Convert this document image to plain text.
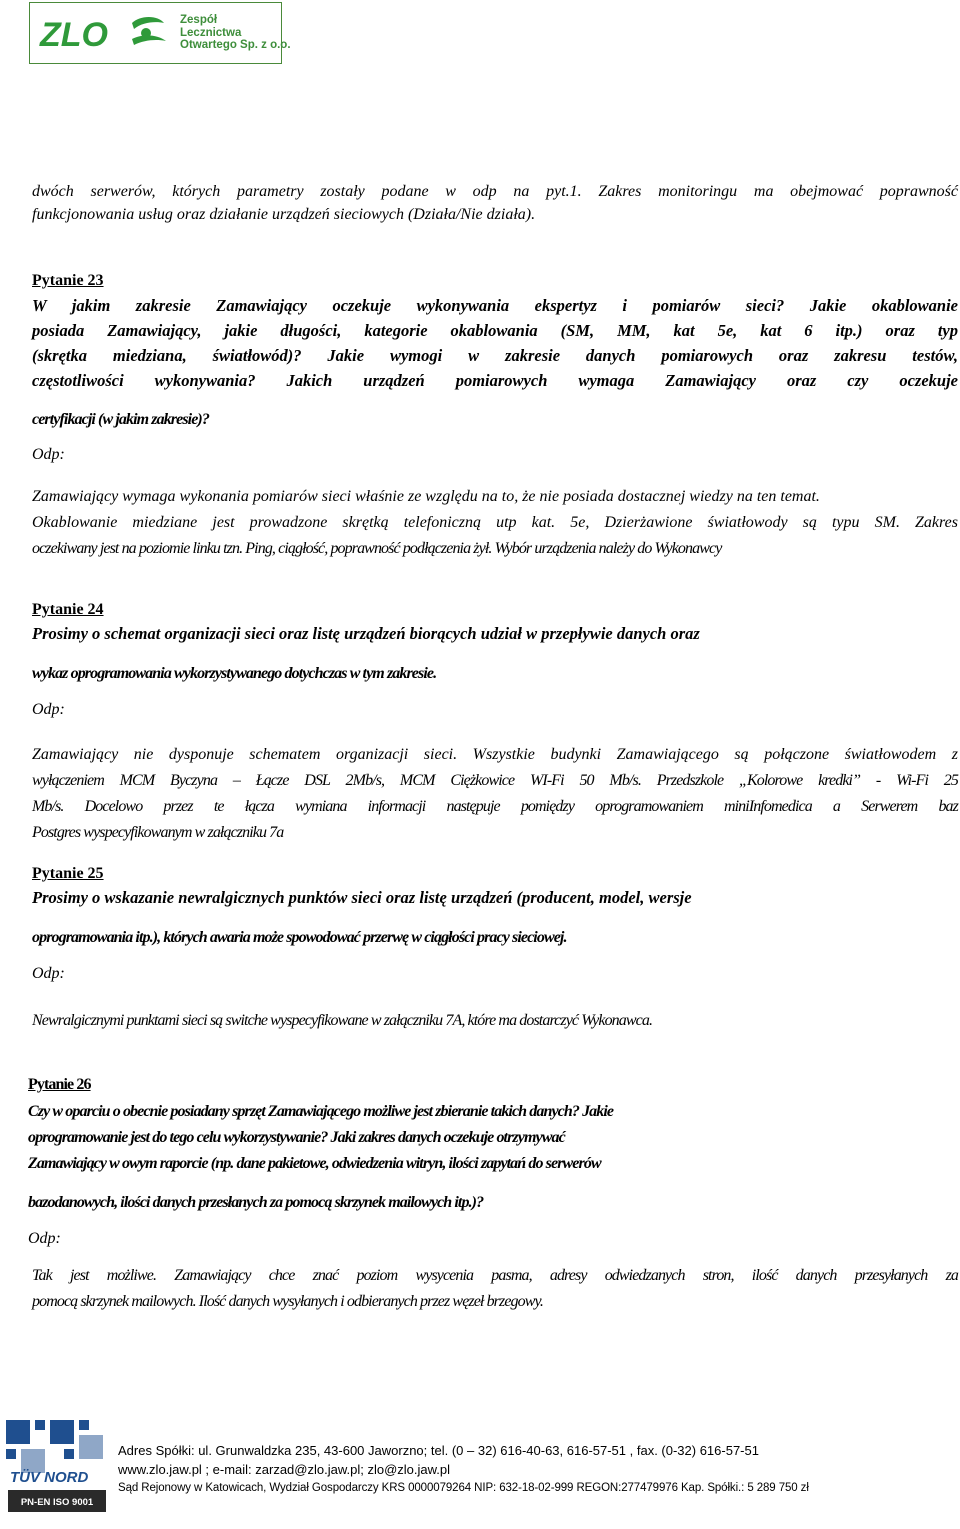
ZLO	Zespół
Lecznictwa
Otwartego Sp. z o.o.
dwóch serwerów, których parametry zostały podane w odp na pyt.1. Zakres monitoringu ma obejmować poprawność
funkcjonowania usług oraz działanie urządzeń sieciowych (Działa/Nie działa).
Pytanie 23
W jakim zakresie Zamawiający oczekuje wykonywania ekspertyz i pomiarów sieci? Jakie okablowanie
posiada Zamawiający, jakie długości, kategorie okablowania (SM, MM, kat 5e, kat 6 itp.) oraz typ
(skrętka miedziana, światłowód)? Jakie wymogi w zakresie danych pomiarowych oraz zakresu testów,
częstotliwości wykonywania? Jakich urządzeń pomiarowych wymaga Zamawiający oraz czy oczekuje
certyfikacji (w jakim zakresie)?
Odp:
Zamawiający wymaga wykonania pomiarów sieci właśnie ze względu na to, że nie posiada dostacznej wiedzy na ten temat.
Okablowanie miedziane jest prowadzone skrętką telefoniczną utp kat. 5e, Dzierżawione światłowody są typu SM. Zakres
oczekiwany jest na poziomie linku tzn. Ping, ciągłość, poprawność podłączenia żył. Wybór urządzenia należy do Wykonawcy
Pytanie 24
Prosimy o schemat organizacji sieci oraz listę urządzeń biorących udział w przepływie danych oraz
wykaz oprogramowania wykorzystywanego dotychczas w tym zakresie.
Odp:
Zamawiający nie dysponuje schematem organizacji sieci. Wszystkie budynki Zamawiającego są połączone światłowodem z
wyłączeniem MCM Byczyna – Łącze DSL 2Mb/s, MCM Ciężkowice WI-Fi 50 Mb/s. Przedszkole „Kolorowe kredki” - Wi-Fi 25
Mb/s. Docelowo przez te łącza wymiana informacji następuje pomiędzy oprogramowaniem miniInfomedica a Serwerem baz
Postgres wyspecyfikowanym w załączniku 7a
Pytanie 25
Prosimy o wskazanie newralgicznych punktów sieci oraz listę urządzeń (producent, model, wersje
oprogramowania itp.), których awaria może spowodować przerwę w ciągłości pracy sieciowej.
Odp:
Newralgicznymi punktami sieci są switche wyspecyfikowane w załączniku 7A, które ma dostarczyć Wykonawca.
Pytanie 26
Czy w oparciu o obecnie posiadany sprzęt Zamawiającego możliwe jest zbieranie takich danych? Jakie
oprogramowanie jest do tego celu wykorzystywanie? Jaki zakres danych oczekuje otrzymywać
Zamawiający w owym raporcie (np. dane pakietowe, odwiedzenia witryn, ilości zapytań do serwerów
bazodanowych, ilości danych przesłanych za pomocą skrzynek mailowych itp.)?
Odp:
Tak jest możliwe. Zamawiający chce znać poziom wysycenia pasma, adresy odwiedzanych stron, ilość danych przesyłanych za
pomocą skrzynek mailowych. Ilość danych wysyłanych i odbieranych przez węzeł brzegowy.
TÜV NORD
PN-EN ISO 9001
Adres Spółki: ul. Grunwaldzka 235, 43-600 Jaworzno; tel. (0 – 32) 616-40-63, 616-57-51 , fax. (0-32) 616-57-51
www.zlo.jaw.pl ; e-mail: zarzad@zlo.jaw.pl; zlo@zlo.jaw.pl
Sąd Rejonowy w Katowicach, Wydział Gospodarczy KRS 0000079264 NIP: 632-18-02-999 REGON:277479976 Kap. Spółki.: 5 289 750 zł
